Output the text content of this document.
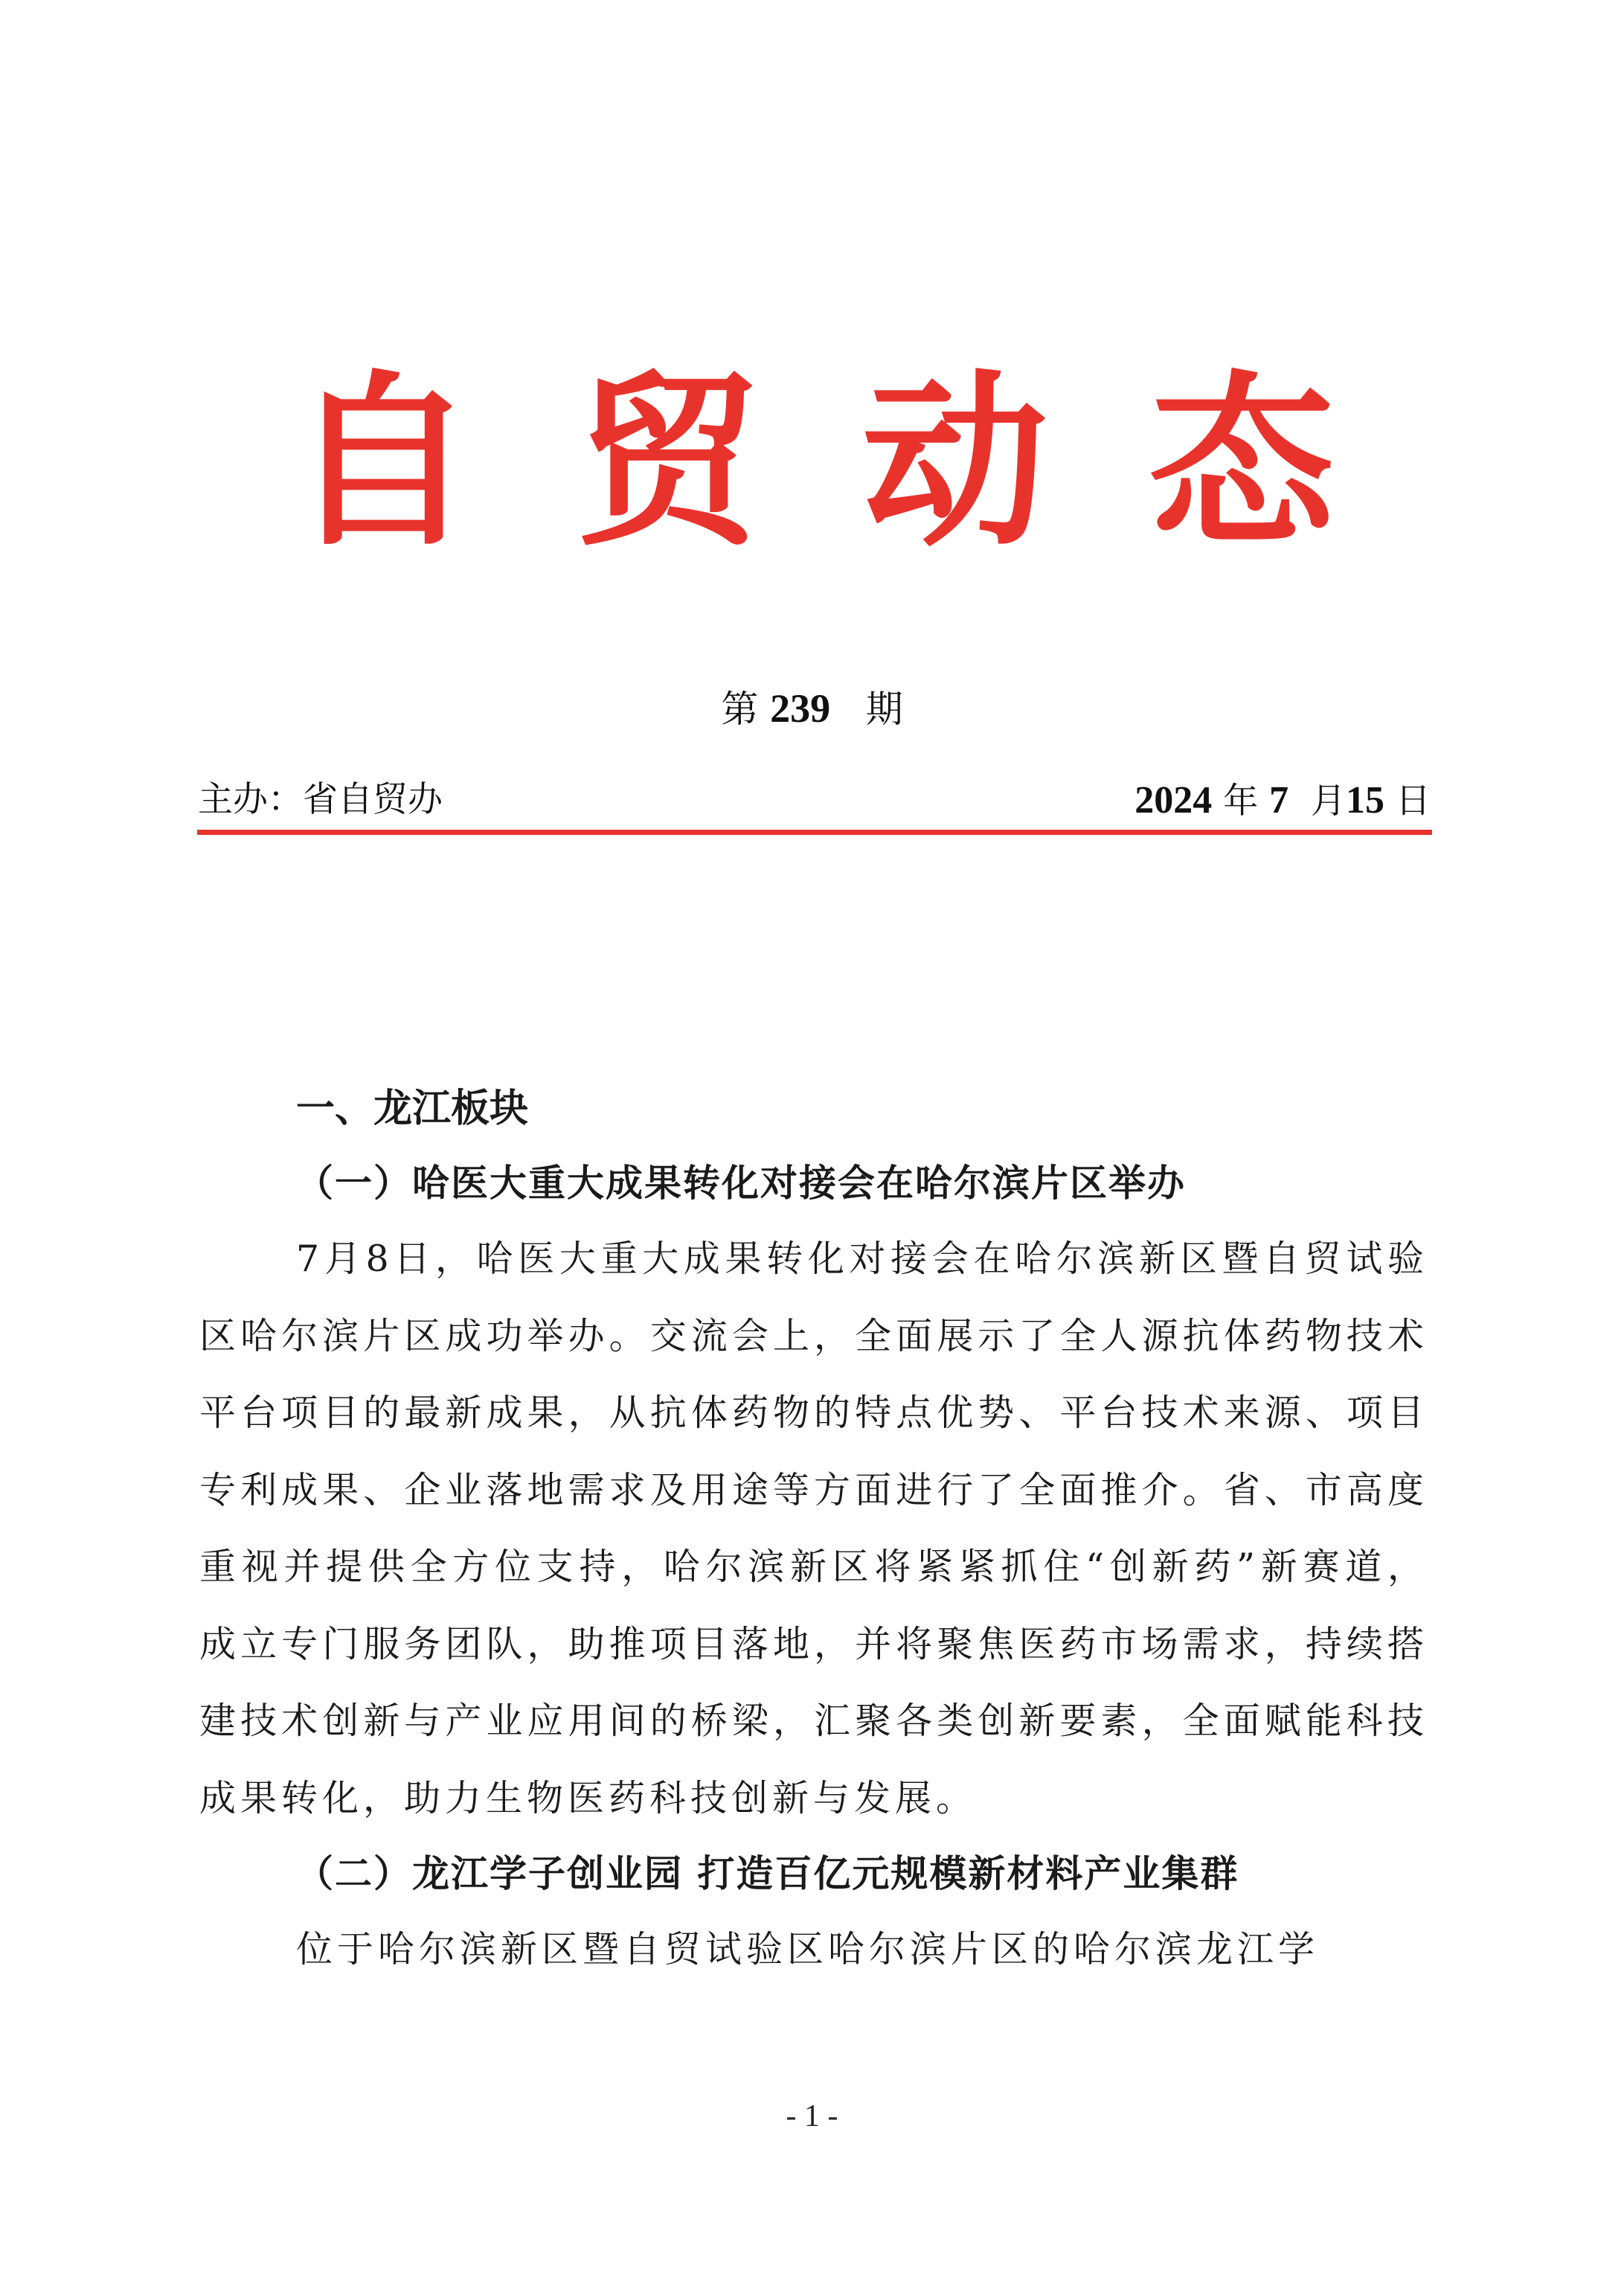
自贸动态
第 239 期
主办：省自贸办	2024 年 7 月15 日
一、龙江板块
（一）哈医大重大成果转化对接会在哈尔滨片区举办

7月8日，哈医大重大成果转化对接会在哈尔滨新区暨自贸试验区哈尔滨片区成功举办。交流会上，全面展示了全人源抗体药物技术平台项目的最新成果，从抗体药物的特点优势、平台技术来源、项目专利成果、企业落地需求及用途等方面进行了全面推介。省、市高度重视并提供全方位支持，哈尔滨新区将紧紧抓住“创新药”新赛道，成立专门服务团队，助推项目落地，并将聚焦医药市场需求，持续搭建技术创新与产业应用间的桥梁，汇聚各类创新要素，全面赋能科技成果转化，助力生物医药科技创新与发展。

（二）龙江学子创业园 打造百亿元规模新材料产业集群

位于哈尔滨新区暨自贸试验区哈尔滨片区的哈尔滨龙江学

- 1 -
